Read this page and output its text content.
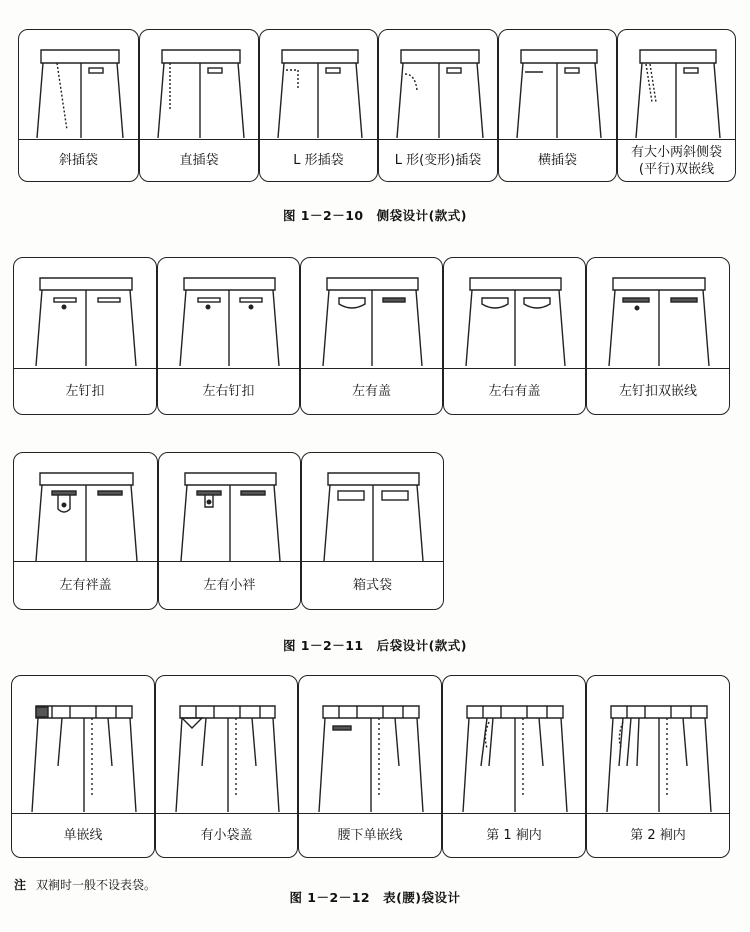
斜插袋	直插袋	L 形插袋	L 形(变形)插袋	横插袋
有大小两斜侧袋
(平行)双嵌线
图 1－2－10　侧袋设计(款式)
左钉扣	左右钉扣	左有盖	左右有盖	左钉扣双嵌线
左有袢盖	左有小袢	箱式袋
图 1－2－11　后袋设计(款式)
单嵌线	有小袋盖	腰下单嵌线	第 1 裥内	第 2 裥内
注 双裥时一般不设表袋。
图 1－2－12　表(腰)袋设计
